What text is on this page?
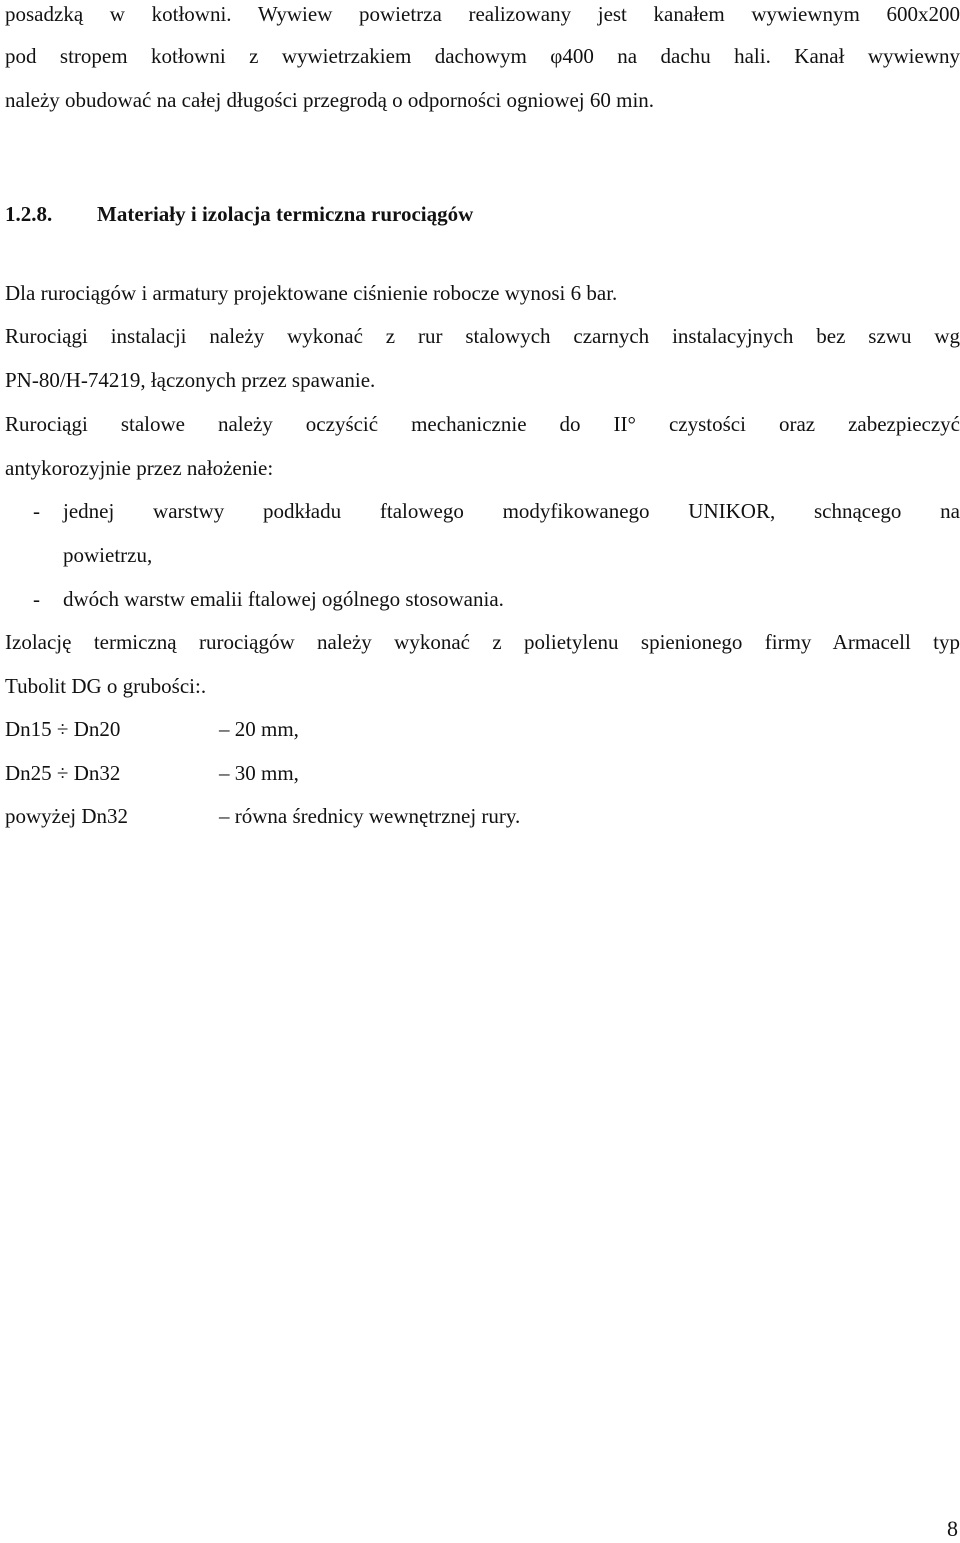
posadzką w kotłowni. Wywiew powietrza realizowany jest kanałem wywiewnym 600x200
pod stropem kotłowni z wywietrzakiem dachowym φ400 na dachu hali. Kanał wywiewny
należy obudować na całej długości przegrodą o odporności ogniowej 60 min.
1.2.8. Materiały i izolacja termiczna rurociągów
Dla rurociągów i armatury projektowane ciśnienie robocze wynosi 6 bar.
Rurociągi instalacji należy wykonać z rur stalowych czarnych instalacyjnych bez szwu wg
PN-80/H-74219, łączonych przez spawanie.
Rurociągi stalowe należy oczyścić mechanicznie do II° czystości oraz zabezpieczyć
antykorozyjnie przez nałożenie:
- jednej warstwy podkładu ftalowego modyfikowanego UNIKOR, schnącego na
powietrzu,
- dwóch warstw emalii ftalowej ogólnego stosowania.
Izolację termiczną rurociągów należy wykonać z polietylenu spienionego firmy Armacell typ
Tubolit DG o grubości:.
Dn15 ÷ Dn20	– 20 mm,
Dn25 ÷ Dn32	– 30 mm,
powyżej Dn32	– równa średnicy wewnętrznej rury.
8
